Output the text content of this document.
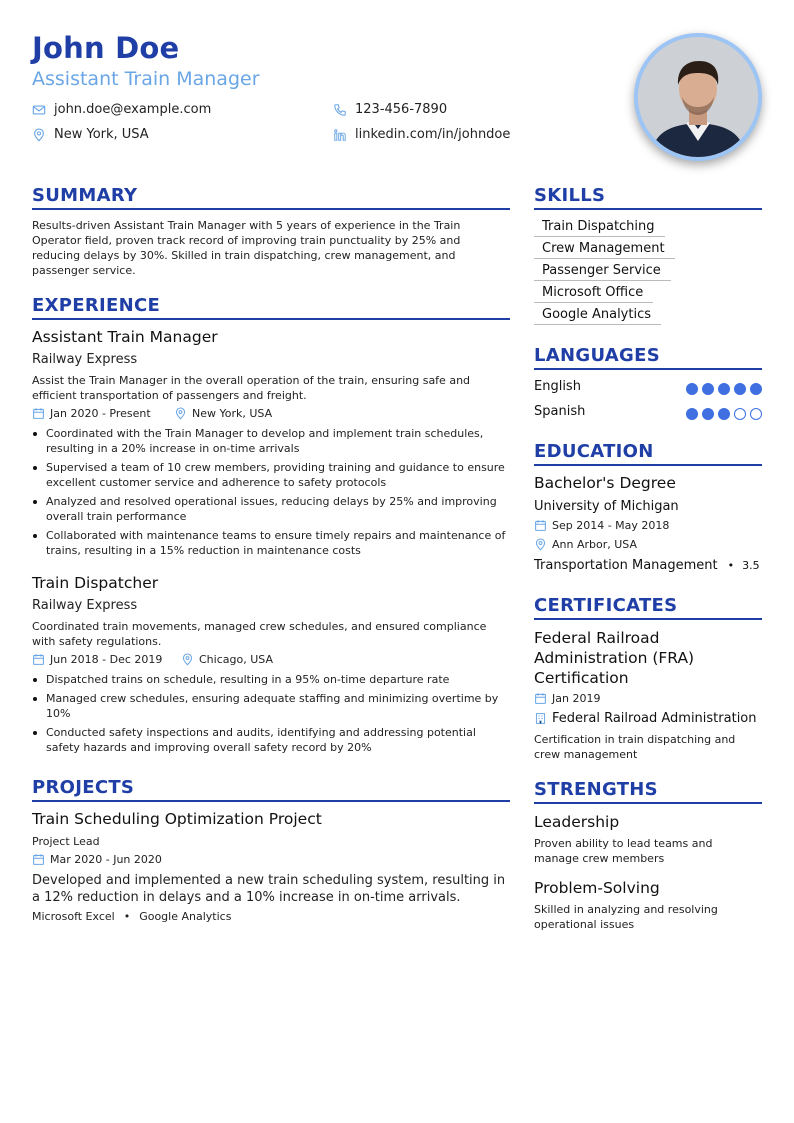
John Doe
Assistant Train Manager
john.doe@example.com	123-456-7890
New York, USA	linkedin.com/in/johndoe
SUMMARY
Results-driven Assistant Train Manager with 5 years of experience in the Train Operator field, proven track record of improving train punctuality by 25% and reducing delays by 30%. Skilled in train dispatching, crew management, and passenger service.
EXPERIENCE
Assistant Train Manager
Railway Express
Assist the Train Manager in the overall operation of the train, ensuring safe and efficient transportation of passengers and freight.
Jan 2020 - Present	New York, USA
Coordinated with the Train Manager to develop and implement train schedules, resulting in a 20% increase in on-time arrivals
Supervised a team of 10 crew members, providing training and guidance to ensure excellent customer service and adherence to safety protocols
Analyzed and resolved operational issues, reducing delays by 25% and improving overall train performance
Collaborated with maintenance teams to ensure timely repairs and maintenance of trains, resulting in a 15% reduction in maintenance costs
Train Dispatcher
Railway Express
Coordinated train movements, managed crew schedules, and ensured compliance with safety regulations.
Jun 2018 - Dec 2019	Chicago, USA
Dispatched trains on schedule, resulting in a 95% on-time departure rate
Managed crew schedules, ensuring adequate staffing and minimizing overtime by 10%
Conducted safety inspections and audits, identifying and addressing potential safety hazards and improving overall safety record by 20%
PROJECTS
Train Scheduling Optimization Project
Project Lead
Mar 2020 - Jun 2020
Developed and implemented a new train scheduling system, resulting in a 12% reduction in delays and a 10% increase in on-time arrivals.
Microsoft Excel • Google Analytics
SKILLS
Train Dispatching
Crew Management
Passenger Service
Microsoft Office
Google Analytics
LANGUAGES
English
Spanish
EDUCATION
Bachelor's Degree
University of Michigan
Sep 2014 - May 2018
Ann Arbor, USA
Transportation Management • 3.5
CERTIFICATES
Federal Railroad Administration (FRA) Certification
Jan 2019
Federal Railroad Administration
Certification in train dispatching and crew management
STRENGTHS
Leadership
Proven ability to lead teams and manage crew members
Problem-Solving
Skilled in analyzing and resolving operational issues
